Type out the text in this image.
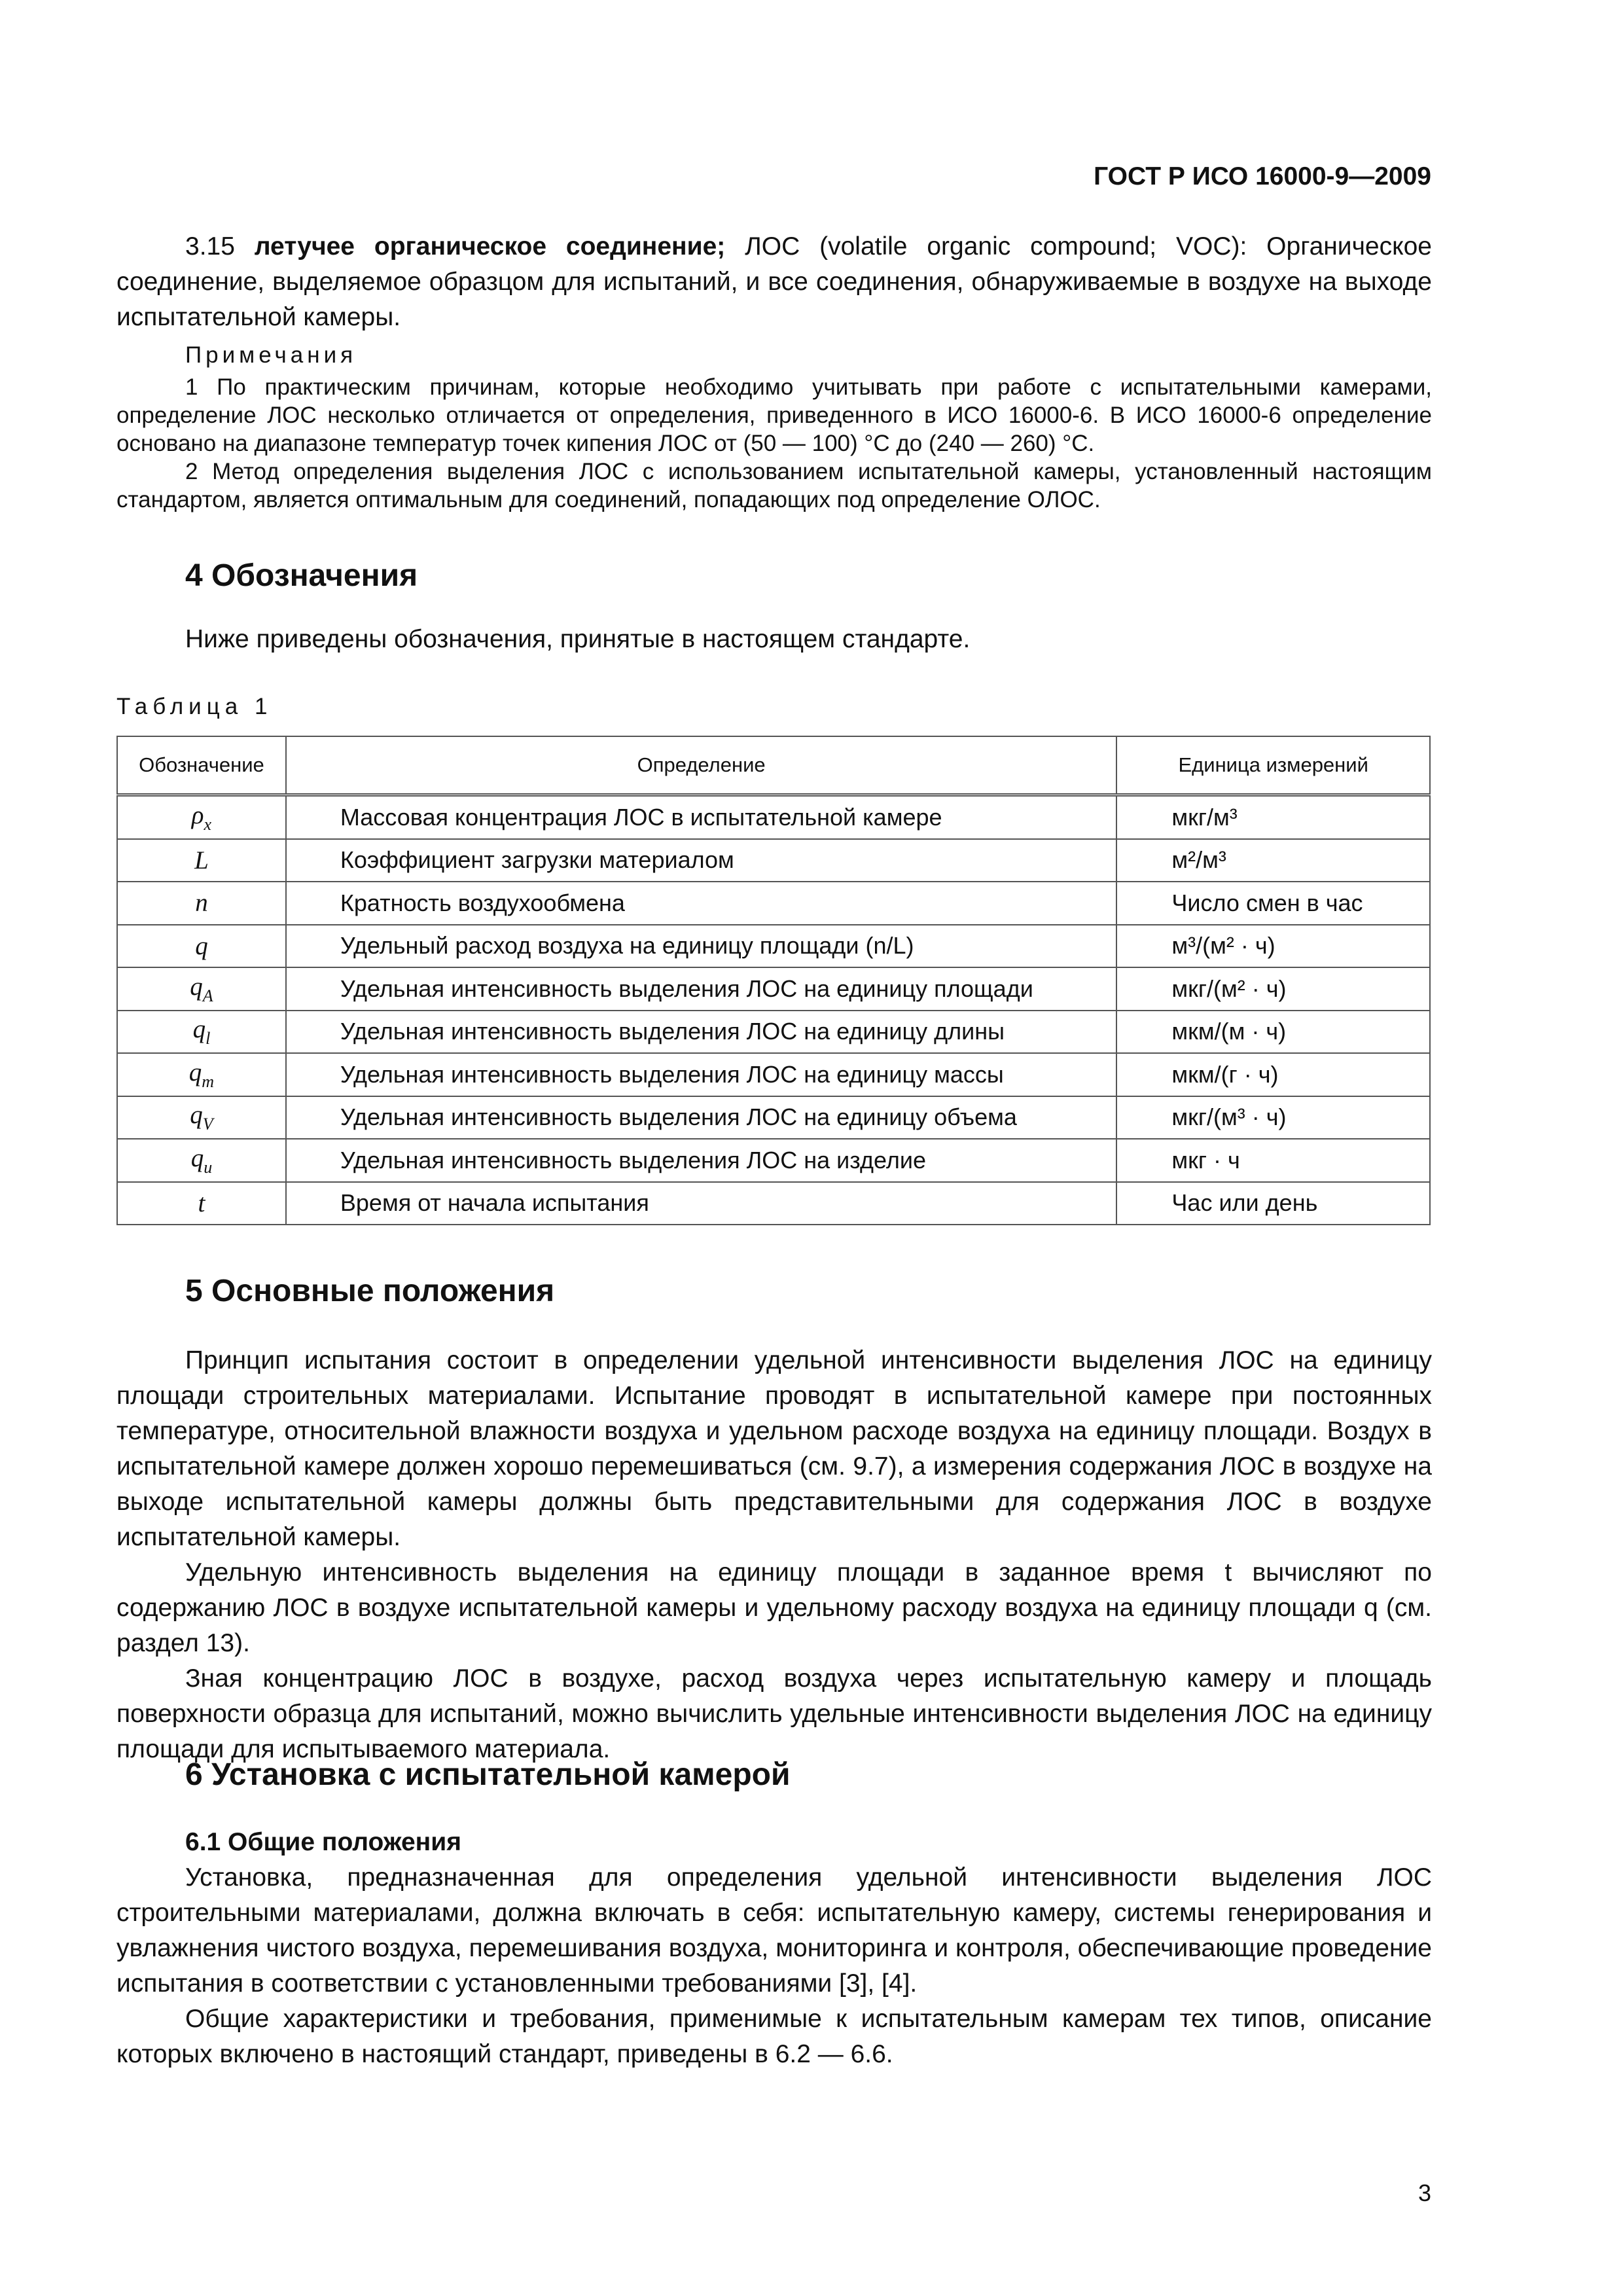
ГОСТ Р ИСО 16000-9—2009

3.15 летучее органическое соединение; ЛОС (volatile organic compound; VOC): Органическое соединение, выделяемое образцом для испытаний, и все соединения, обнаруживаемые в воздухе на выходе испытательной камеры.

Примечания

1 По практическим причинам, которые необходимо учитывать при работе с испытательными камерами, определение ЛОС несколько отличается от определения, приведенного в ИСО 16000-6. В ИСО 16000-6 определение основано на диапазоне температур точек кипения ЛОС от (50 — 100) °С до (240 — 260) °С.

2 Метод определения выделения ЛОС с использованием испытательной камеры, установленный настоящим стандартом, является оптимальным для соединений, попадающих под определение ОЛОС.

4 Обозначения
Ниже приведены обозначения, принятые в настоящем стандарте.
Таблица 1
Обозначение	Определение	Единица измерений
$\rho_x$	Массовая концентрация ЛОС в испытательной камере	мкг/м³
L	Коэффициент загрузки материалом	м²/м³
n	Кратность воздухообмена	Число смен в час
q	Удельный расход воздуха на единицу площади (n/L)	м³/(м² · ч)
$q_A$	Удельная интенсивность выделения ЛОС на единицу площади	мкг/(м² · ч)
$q_l$	Удельная интенсивность выделения ЛОС на единицу длины	мкм/(м · ч)
$q_m$	Удельная интенсивность выделения ЛОС на единицу массы	мкм/(г · ч)
$q_V$	Удельная интенсивность выделения ЛОС на единицу объема	мкг/(м³ · ч)
$q_u$	Удельная интенсивность выделения ЛОС на изделие	мкг · ч
t	Время от начала испытания	Час или день
5 Основные положения

Принцип испытания состоит в определении удельной интенсивности выделения ЛОС на единицу площади строительных материалами. Испытание проводят в испытательной камере при постоянных температуре, относительной влажности воздуха и удельном расходе воздуха на единицу площади. Воздух в испытательной камере должен хорошо перемешиваться (см. 9.7), а измерения содержания ЛОС в воздухе на выходе испытательной камеры должны быть представительными для содержания ЛОС в воздухе испытательной камеры.

Удельную интенсивность выделения на единицу площади в заданное время t вычисляют по содержанию ЛОС в воздухе испытательной камеры и удельному расходу воздуха на единицу площади q (см. раздел 13).

Зная концентрацию ЛОС в воздухе, расход воздуха через испытательную камеру и площадь поверхности образца для испытаний, можно вычислить удельные интенсивности выделения ЛОС на единицу площади для испытываемого материала.

6 Установка с испытательной камерой

6.1 Общие положения

Установка, предназначенная для определения удельной интенсивности выделения ЛОС строительными материалами, должна включать в себя: испытательную камеру, системы генерирования и увлажнения чистого воздуха, перемешивания воздуха, мониторинга и контроля, обеспечивающие проведение испытания в соответствии с установленными требованиями [3], [4].

Общие характеристики и требования, применимые к испытательным камерам тех типов, описание которых включено в настоящий стандарт, приведены в 6.2 — 6.6.

3
